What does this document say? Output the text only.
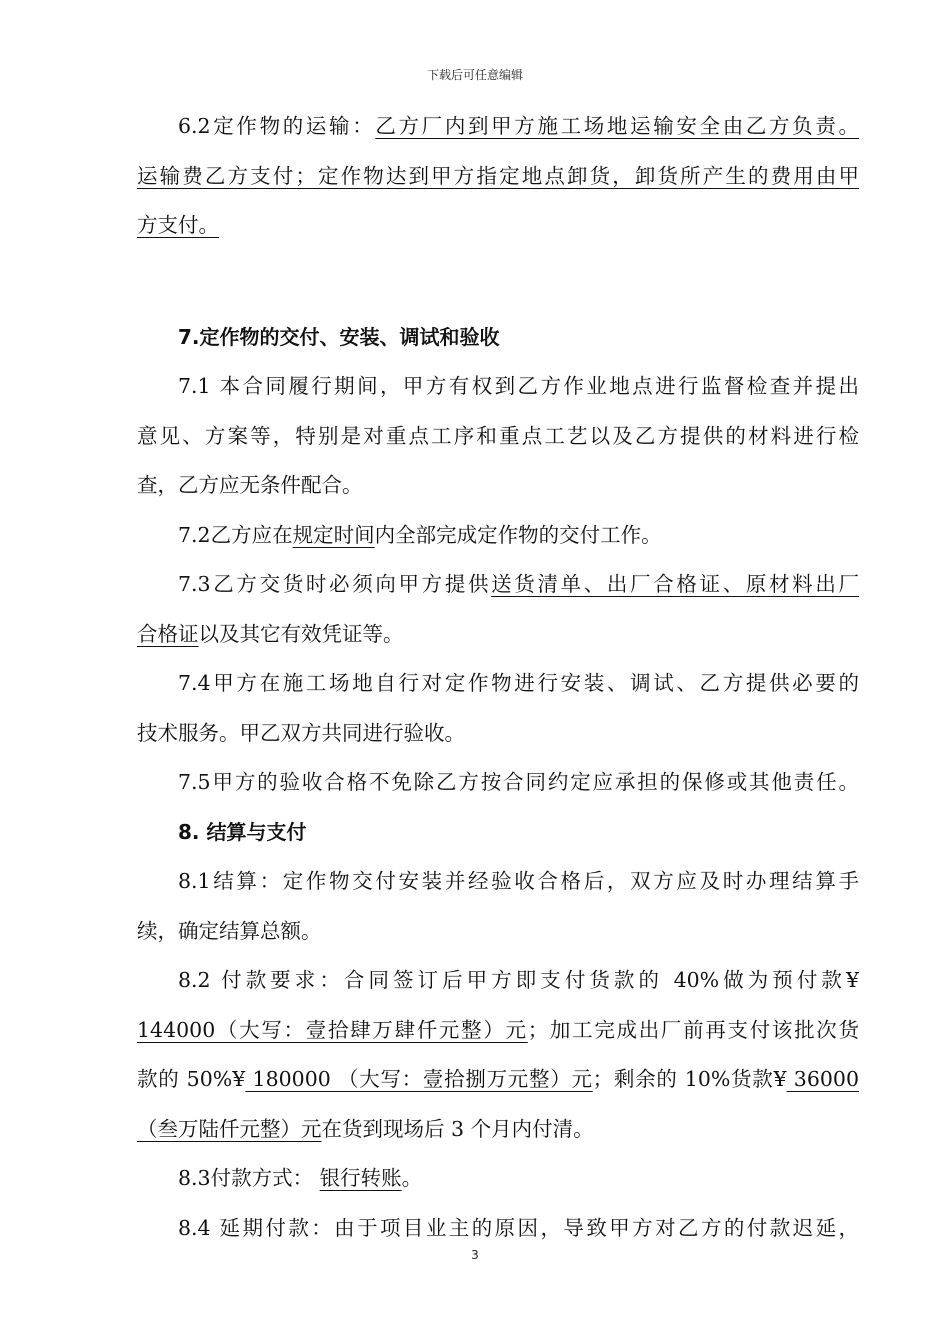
下载后可任意编辑

6.2定作物的运输：乙方厂内到甲方施工场地运输安全由乙方负责。

运输费乙方支付；定作物达到甲方指定地点卸货，卸货所产生的费用由甲

方支付。

7.定作物的交付、安装、调试和验收

7.1 本合同履行期间，甲方有权到乙方作业地点进行监督检查并提出

意见、方案等，特别是对重点工序和重点工艺以及乙方提供的材料进行检

查，乙方应无条件配合。

7.2乙方应在规定时间内全部完成定作物的交付工作。

7.3乙方交货时必须向甲方提供送货清单、出厂合格证、原材料出厂

合格证以及其它有效凭证等。

7.4甲方在施工场地自行对定作物进行安装、调试、乙方提供必要的

技术服务。甲乙双方共同进行验收。

7.5甲方的验收合格不免除乙方按合同约定应承担的保修或其他责任。

8. 结算与支付

8.1结算：定作物交付安装并经验收合格后，双方应及时办理结算手

续，确定结算总额。

8.2 付款要求：合同签订后甲方即支付货款的 40%做为预付款¥

144000（大写：壹拾肆万肆仟元整）元；加工完成出厂前再支付该批次货

款的 50%¥ 180000 （大写：壹拾捌万元整）元；剩余的 10%货款¥ 36000

（叁万陆仟元整）元在货到现场后 3 个月内付清。

8.3付款方式： 银行转账。

8.4 延期付款：由于项目业主的原因，导致甲方对乙方的付款迟延，

3
